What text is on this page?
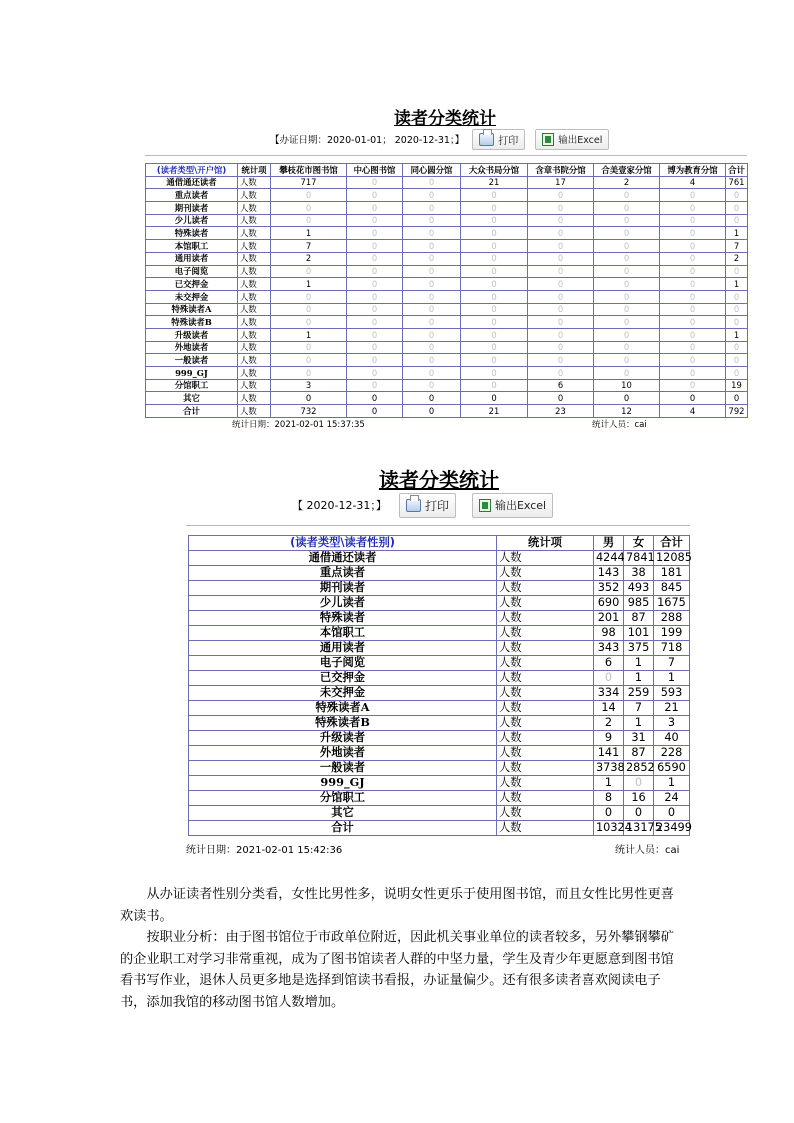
读者分类统计
【办证日期：2020-01-01； 2020-12-31；】	打印	输出Excel
(读者类型\开户馆)	统计项	攀枝花市图书馆	中心图书馆	同心圆分馆	大众书局分馆	含章书院分馆	合美壹家分馆	博为教育分馆	合计
通借通还读者	人数	717	0	0	21	17	2	4	761
重点读者	人数	0	0	0	0	0	0	0	0
期刊读者	人数	0	0	0	0	0	0	0	0
少儿读者	人数	0	0	0	0	0	0	0	0
特殊读者	人数	1	0	0	0	0	0	0	1
本馆职工	人数	7	0	0	0	0	0	0	7
通用读者	人数	2	0	0	0	0	0	0	2
电子阅览	人数	0	0	0	0	0	0	0	0
已交押金	人数	1	0	0	0	0	0	0	1
未交押金	人数	0	0	0	0	0	0	0	0
特殊读者A	人数	0	0	0	0	0	0	0	0
特殊读者B	人数	0	0	0	0	0	0	0	0
升级读者	人数	1	0	0	0	0	0	0	1
外地读者	人数	0	0	0	0	0	0	0	0
一般读者	人数	0	0	0	0	0	0	0	0
999_GJ	人数	0	0	0	0	0	0	0	0
分馆职工	人数	3	0	0	0	6	10	0	19
其它	人数	0	0	0	0	0	0	0	0
合计	人数	732	0	0	21	23	12	4	792
统计日期：2021-02-01 15:37:35	统计人员：cai
读者分类统计
【 2020-12-31；】	打印	输出Excel
(读者类型\读者性别)	统计项	男	女	合计
通借通还读者	人数	4244	7841	12085
重点读者	人数	143	38	181
期刊读者	人数	352	493	845
少儿读者	人数	690	985	1675
特殊读者	人数	201	87	288
本馆职工	人数	98	101	199
通用读者	人数	343	375	718
电子阅览	人数	6	1	7
已交押金	人数	0	1	1
未交押金	人数	334	259	593
特殊读者A	人数	14	7	21
特殊读者B	人数	2	1	3
升级读者	人数	9	31	40
外地读者	人数	141	87	228
一般读者	人数	3738	2852	6590
999_GJ	人数	1	0	1
分馆职工	人数	8	16	24
其它	人数	0	0	0
合计	人数	10324	13175	23499
统计日期：2021-02-01 15:42:36	统计人员：cai

从办证读者性别分类看，女性比男性多，说明女性更乐于使用图书馆，而且女性比男性更喜欢读书。

按职业分析：由于图书馆位于市政单位附近，因此机关事业单位的读者较多，另外攀钢攀矿的企业职工对学习非常重视，成为了图书馆读者人群的中坚力量，学生及青少年更愿意到图书馆看书写作业，退休人员更多地是选择到馆读书看报，办证量偏少。还有很多读者喜欢阅读电子书，添加我馆的移动图书馆人数增加。
